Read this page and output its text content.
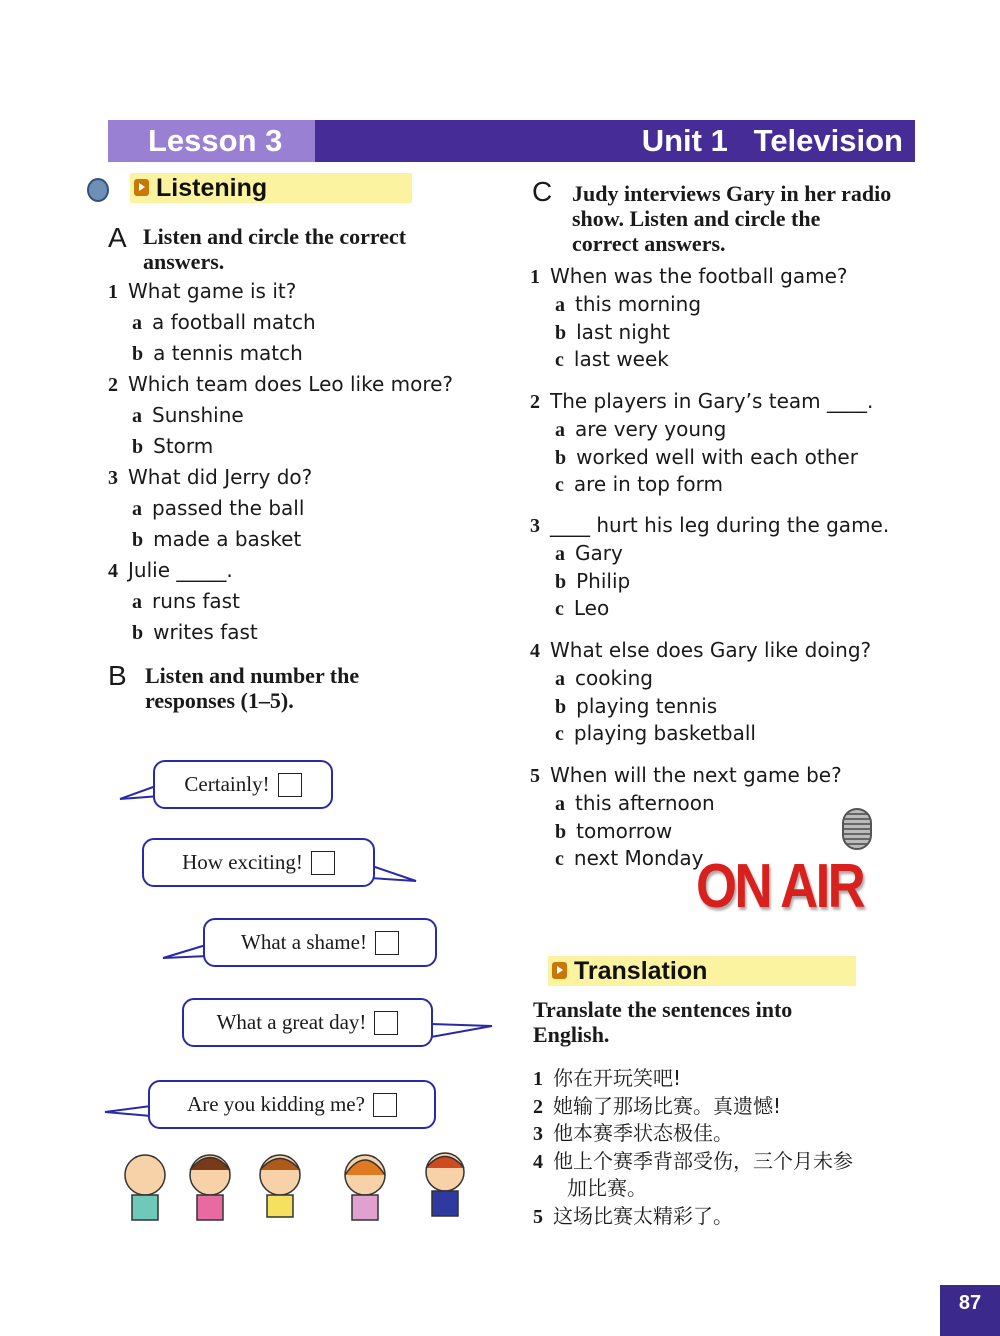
Lesson 3	Unit 1   Television
Listening
A Listen and circle the correct answers.
B Listen and number the responses (1–5).
Certainly!
How exciting!
What a shame!
What a great day!
Are you kidding me?
C Judy interviews Gary in her radio show. Listen and circle the correct answers.
ON AIR
Translation
Translate the sentences into English.
87
1 What game is it?
a a football match
b a tennis match
2 Which team does Leo like more?
a Sunshine
b Storm
3 What did Jerry do?
a passed the ball
b made a basket
4 Julie _____.
a runs fast
b writes fast
1 When was the football game?
a this morning
b last night
c last week
2 The players in Gary’s team ____.
a are very young
b worked well with each other
c are in top form
3 ____ hurt his leg during the game.
a Gary
b Philip
c Leo
4 What else does Gary like doing?
a cooking
b playing tennis
c playing basketball
5 When will the next game be?
a this afternoon
b tomorrow
c next Monday
1 你在开玩笑吧!
2 她输了那场比赛。真遗憾!
3 他本赛季状态极佳。
4 他上个赛季背部受伤，三个月未参
加比赛。
5 这场比赛太精彩了。
